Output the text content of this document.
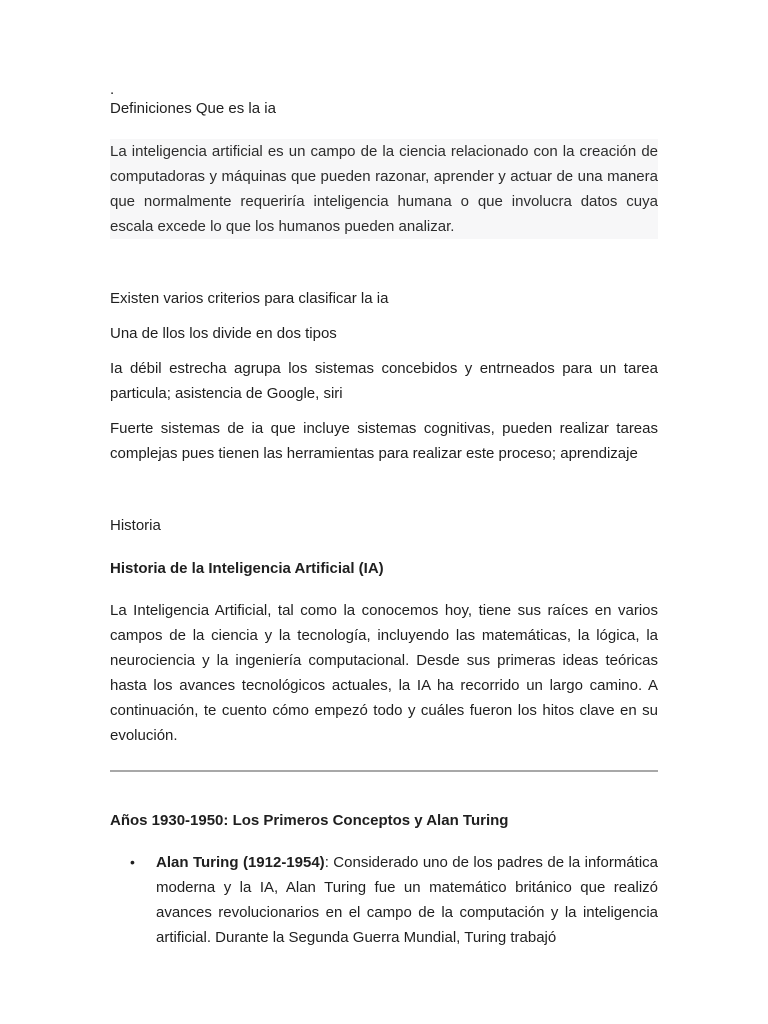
.

Definiciones Que es la ia

La inteligencia artificial es un campo de la ciencia relacionado con la creación de computadoras y máquinas que pueden razonar, aprender y actuar de una manera que normalmente requeriría inteligencia humana o que involucra datos cuya escala excede lo que los humanos pueden analizar.

Existen varios criterios para clasificar la ia

Una de llos los divide en dos tipos

Ia débil estrecha agrupa los sistemas concebidos y entrneados para un tarea particula; asistencia de Google, siri

Fuerte sistemas de ia que incluye sistemas cognitivas, pueden realizar tareas complejas pues tienen las herramientas para realizar este proceso; aprendizaje

Historia

Historia de la Inteligencia Artificial (IA)

La Inteligencia Artificial, tal como la conocemos hoy, tiene sus raíces en varios campos de la ciencia y la tecnología, incluyendo las matemáticas, la lógica, la neurociencia y la ingeniería computacional. Desde sus primeras ideas teóricas hasta los avances tecnológicos actuales, la IA ha recorrido un largo camino. A continuación, te cuento cómo empezó todo y cuáles fueron los hitos clave en su evolución.

Años 1930-1950: Los Primeros Conceptos y Alan Turing

• Alan Turing (1912-1954): Considerado uno de los padres de la informática moderna y la IA, Alan Turing fue un matemático británico que realizó avances revolucionarios en el campo de la computación y la inteligencia artificial. Durante la Segunda Guerra Mundial, Turing trabajó
